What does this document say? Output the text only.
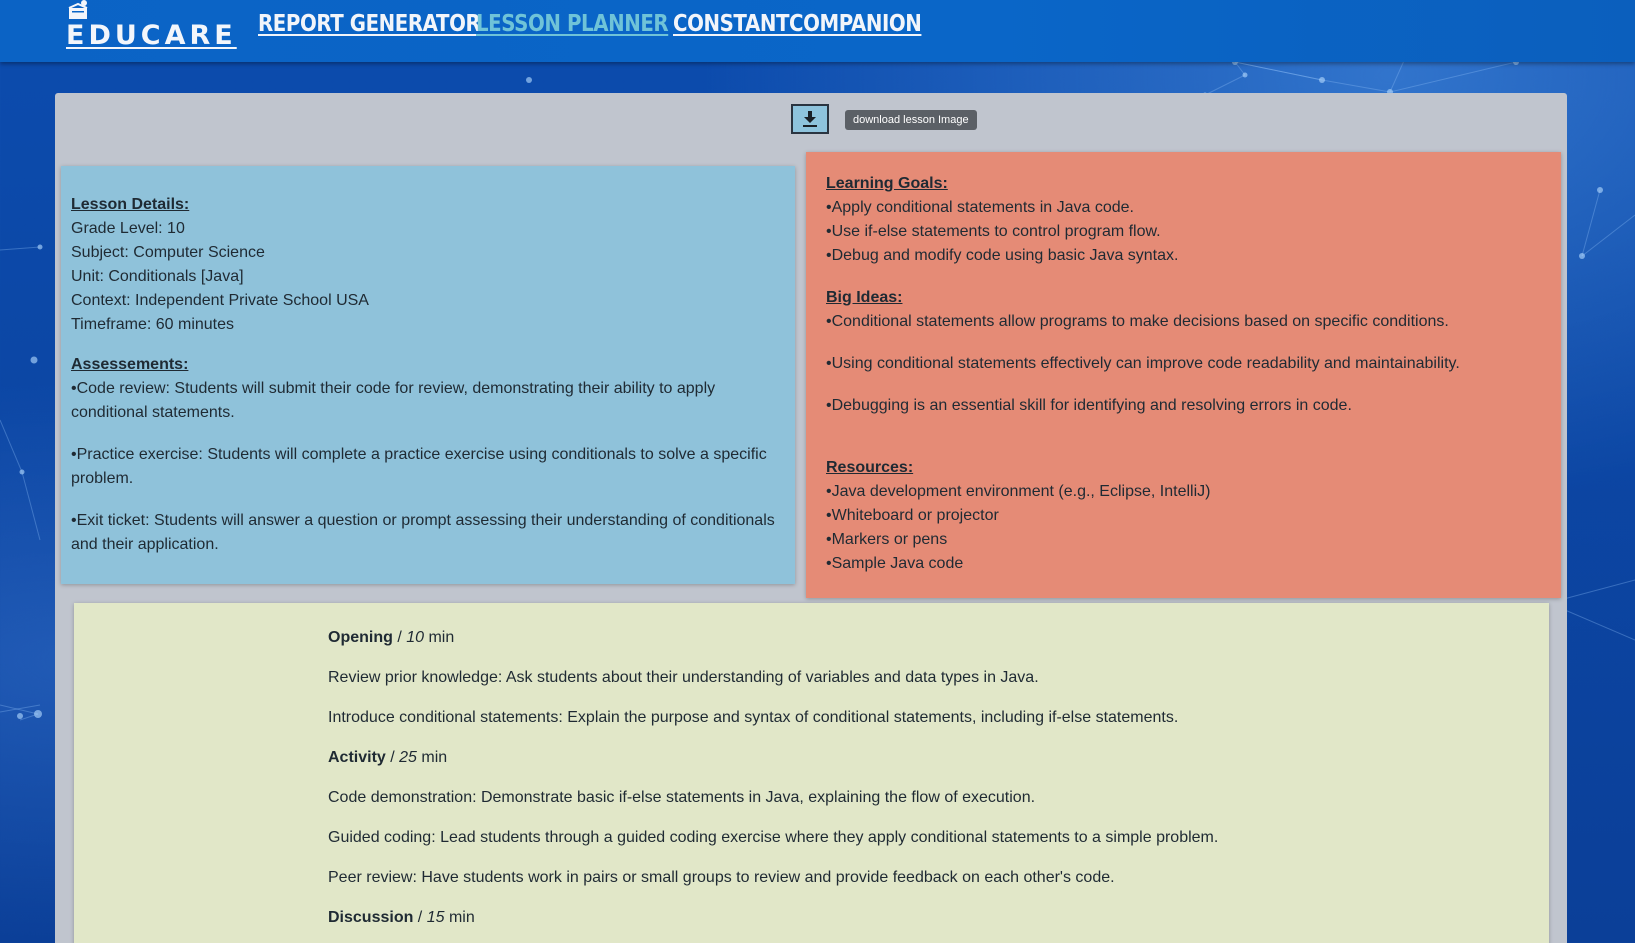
EDUCARE REPORT GENERATOR
LESSON PLANNER CONSTANTCOMPANION
download lesson Image
Lesson Details:
Grade Level: 10
Subject: Computer Science
Unit: Conditionals [Java]
Context: Independent Private School USA
Timeframe: 60 minutes
Assessements:
•Code review: Students will submit their code for review, demonstrating their ability to apply conditional statements.
•Practice exercise: Students will complete a practice exercise using conditionals to solve a specific problem.
•Exit ticket: Students will answer a question or prompt assessing their understanding of conditionals and their application.
Learning Goals:
•Apply conditional statements in Java code.
•Use if-else statements to control program flow.
•Debug and modify code using basic Java syntax.
Big Ideas:
•Conditional statements allow programs to make decisions based on specific conditions.
•Using conditional statements effectively can improve code readability and maintainability.
•Debugging is an essential skill for identifying and resolving errors in code.
Resources:
•Java development environment (e.g., Eclipse, IntelliJ)
•Whiteboard or projector
•Markers or pens
•Sample Java code
Opening / 10 min
Review prior knowledge: Ask students about their understanding of variables and data types in Java.
Introduce conditional statements: Explain the purpose and syntax of conditional statements, including if-else statements.
Activity / 25 min
Code demonstration: Demonstrate basic if-else statements in Java, explaining the flow of execution.
Guided coding: Lead students through a guided coding exercise where they apply conditional statements to a simple problem.
Peer review: Have students work in pairs or small groups to review and provide feedback on each other's code.
Discussion / 15 min
